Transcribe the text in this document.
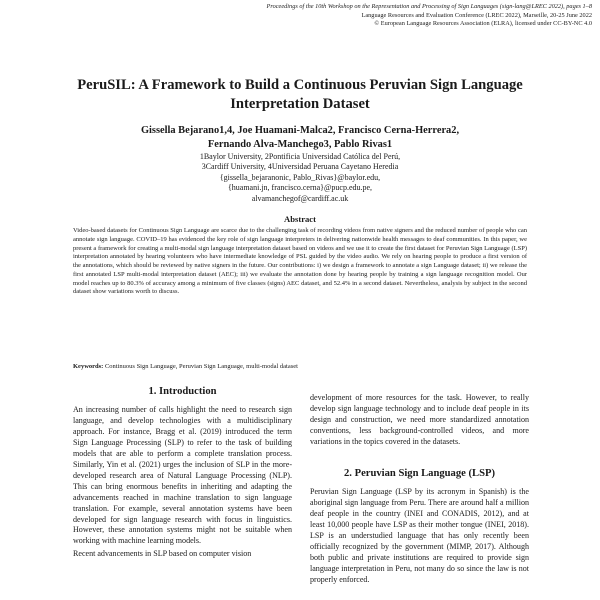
Proceedings of the 10th Workshop on the Representation and Processing of Sign Languages (sign-lang@LREC 2022), pages 1–8
Language Resources and Evaluation Conference (LREC 2022), Marseille, 20-25 June 2022
© European Language Resources Association (ELRA), licensed under CC-BY-NC 4.0
PeruSIL: A Framework to Build a Continuous Peruvian Sign Language Interpretation Dataset
Gissella Bejarano1,4, Joe Huamani-Malca2, Francisco Cerna-Herrera2,
Fernando Alva-Manchego3, Pablo Rivas1
1Baylor University, 2Pontificia Universidad Católica del Perú,
3Cardiff University, 4Universidad Peruana Cayetano Heredia
{gissella_bejaranonic, Pablo_Rivas}@baylor.edu,
{huamani.jn, francisco.cerna}@pucp.edu.pe,
alvamanchegof@cardiff.ac.uk
Abstract
Video-based datasets for Continuous Sign Language are scarce due to the challenging task of recording videos from native signers and the reduced number of people who can annotate sign language. COVID–19 has evidenced the key role of sign language interpreters in delivering nationwide health messages to deaf communities. In this paper, we present a framework for creating a multi-modal sign language interpretation dataset based on videos and we use it to create the first dataset for Peruvian Sign Language (LSP) interpretation annotated by hearing volunteers who have intermediate knowledge of PSL guided by the video audio. We rely on hearing people to produce a first version of the annotations, which should be reviewed by native signers in the future. Our contributions: i) we design a framework to annotate a sign Language dataset; ii) we release the first annotated LSP multi-modal interpretation dataset (AEC); iii) we evaluate the annotation done by hearing people by training a sign language recognition model. Our model reaches up to 80.3% of accuracy among a minimum of five classes (signs) AEC dataset, and 52.4% in a second dataset. Nevertheless, analysis by subject in the second dataset show variations worth to discuss.
Keywords: Continuous Sign Language, Peruvian Sign Language, multi-modal dataset
1. Introduction

An increasing number of calls highlight the need to research sign language, and develop technologies with a multidisciplinary approach. For instance, Bragg et al. (2019) introduced the term Sign Language Processing (SLP) to refer to the task of building models that are able to perform a complete translation process. Similarly, Yin et al. (2021) urges the inclusion of SLP in the more-developed research area of Natural Language Processing (NLP). This can bring enormous benefits in inheriting and adapting the advancements reached in machine translation to sign language translation. For example, several annotation systems have been developed for sign language research with focus in linguistics. However, these annotation systems might not be suitable when working with machine learning models.

Recent advancements in SLP based on computer vision

development of more resources for the task. However, to really develop sign language technology and to include deaf people in its design and construction, we need more standardized annotation conventions, less background-controlled videos, and more variations in the topics covered in the datasets.

2. Peruvian Sign Language (LSP)

Peruvian Sign Language (LSP by its acronym in Spanish) is the aboriginal sign language from Peru. There are around half a million deaf people in the country (INEI and CONADIS, 2012), and at least 10,000 people have LSP as their mother tongue (INEI, 2018). LSP is an understudied language that has only recently been officially recognized by the government (MIMP, 2017). Although both public and private institutions are required to provide sign language interpretation in Peru, not many do so since the law is not properly enforced.
